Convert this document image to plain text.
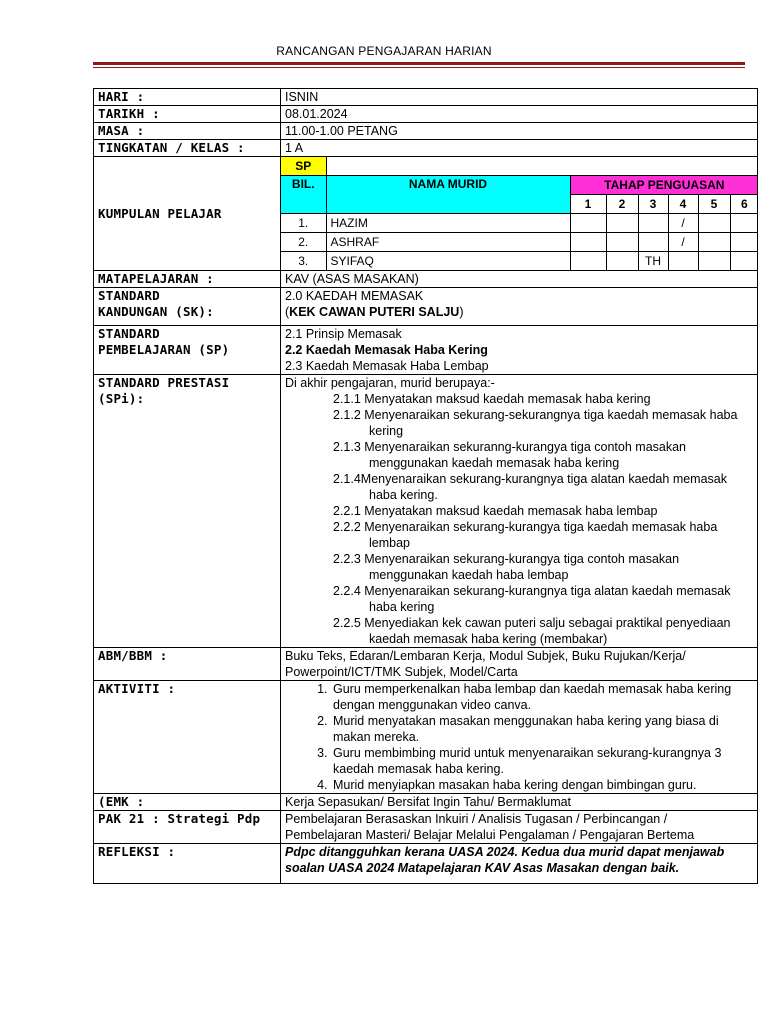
RANCANGAN PENGAJARAN HARIAN
HARI :	ISNIN
TARIKH :	08.01.2024
MASA :	11.00-1.00 PETANG
TINGKATAN / KELAS :	1 A
KUMPULAN PELAJAR	
SP	
BIL.	NAMA MURID	TAHAP PENGUASAN
1	2	3	4	5	6
1.	HAZIM				/		
2.	ASHRAF				/		
3.	SYIFAQ			TH			

MATAPELAJARAN :	KAV (ASAS MASAKAN)

STANDARD
KANDUNGAN (SK):

2.0 KAEDAH MEMASAK
(KEK CAWAN PUTERI SALJU)

STANDARD
PEMBELAJARAN (SP)

2.1 Prinsip Memasak
2.2 Kaedah Memasak Haba Kering
2.3 Kaedah Memasak Haba Lembap

STANDARD PRESTASI
(SPi):

Di akhir pengajaran, murid berupaya:-
2.1.1 Menyatakan maksud kaedah memasak haba kering
2.1.2 Menyenaraikan sekurang-sekurangnya tiga kaedah memasak haba
kering
2.1.3 Menyenaraikan sekuranng-kurangya tiga contoh masakan
menggunakan kaedah memasak haba kering
2.1.4Menyenaraikan sekurang-kurangnya tiga alatan kaedah memasak
haba kering.
2.2.1 Menyatakan maksud kaedah memasak haba lembap
2.2.2 Menyenaraikan sekurang-kurangya tiga kaedah memasak haba
lembap
2.2.3 Menyenaraikan sekurang-kurangya tiga contoh masakan
menggunakan kaedah haba lembap
2.2.4 Menyenaraikan sekurang-kurangnya tiga alatan kaedah memasak
haba kering
2.2.5 Menyediakan kek cawan puteri salju sebagai praktikal penyediaan
kaedah memasak haba kering (membakar)

ABM/BBM :	Buku Teks, Edaran/Lembaran Kerja, Modul Subjek, Buku Rujukan/Kerja/
Powerpoint/ICT/TMK Subjek, Model/Carta

AKTIVITI :	
1.Guru memperkenalkan haba lembap dan kaedah memasak haba kering dengan menggunakan video canva.
2. Murid menyatakan masakan menggunakan haba kering yang biasa di makan mereka.
3. Guru membimbing murid untuk menyenaraikan sekurang-kurangnya 3 kaedah memasak haba kering.
4. Murid menyiapkan masakan haba kering dengan bimbingan guru.

(EMK :	Kerja Sepasukan/ Bersifat Ingin Tahu/ Bermaklumat
PAK 21 : Strategi Pdp	Pembelajaran Berasaskan Inkuiri / Analisis Tugasan / Perbincangan /
Pembelajaran Masteri/ Belajar Melalui Pengalaman / Pengajaran Bertema

REFLEKSI :	Pdpc ditangguhkan kerana UASA 2024. Kedua dua murid dapat menjawab
soalan UASA 2024 Matapelajaran KAV Asas Masakan dengan baik.
